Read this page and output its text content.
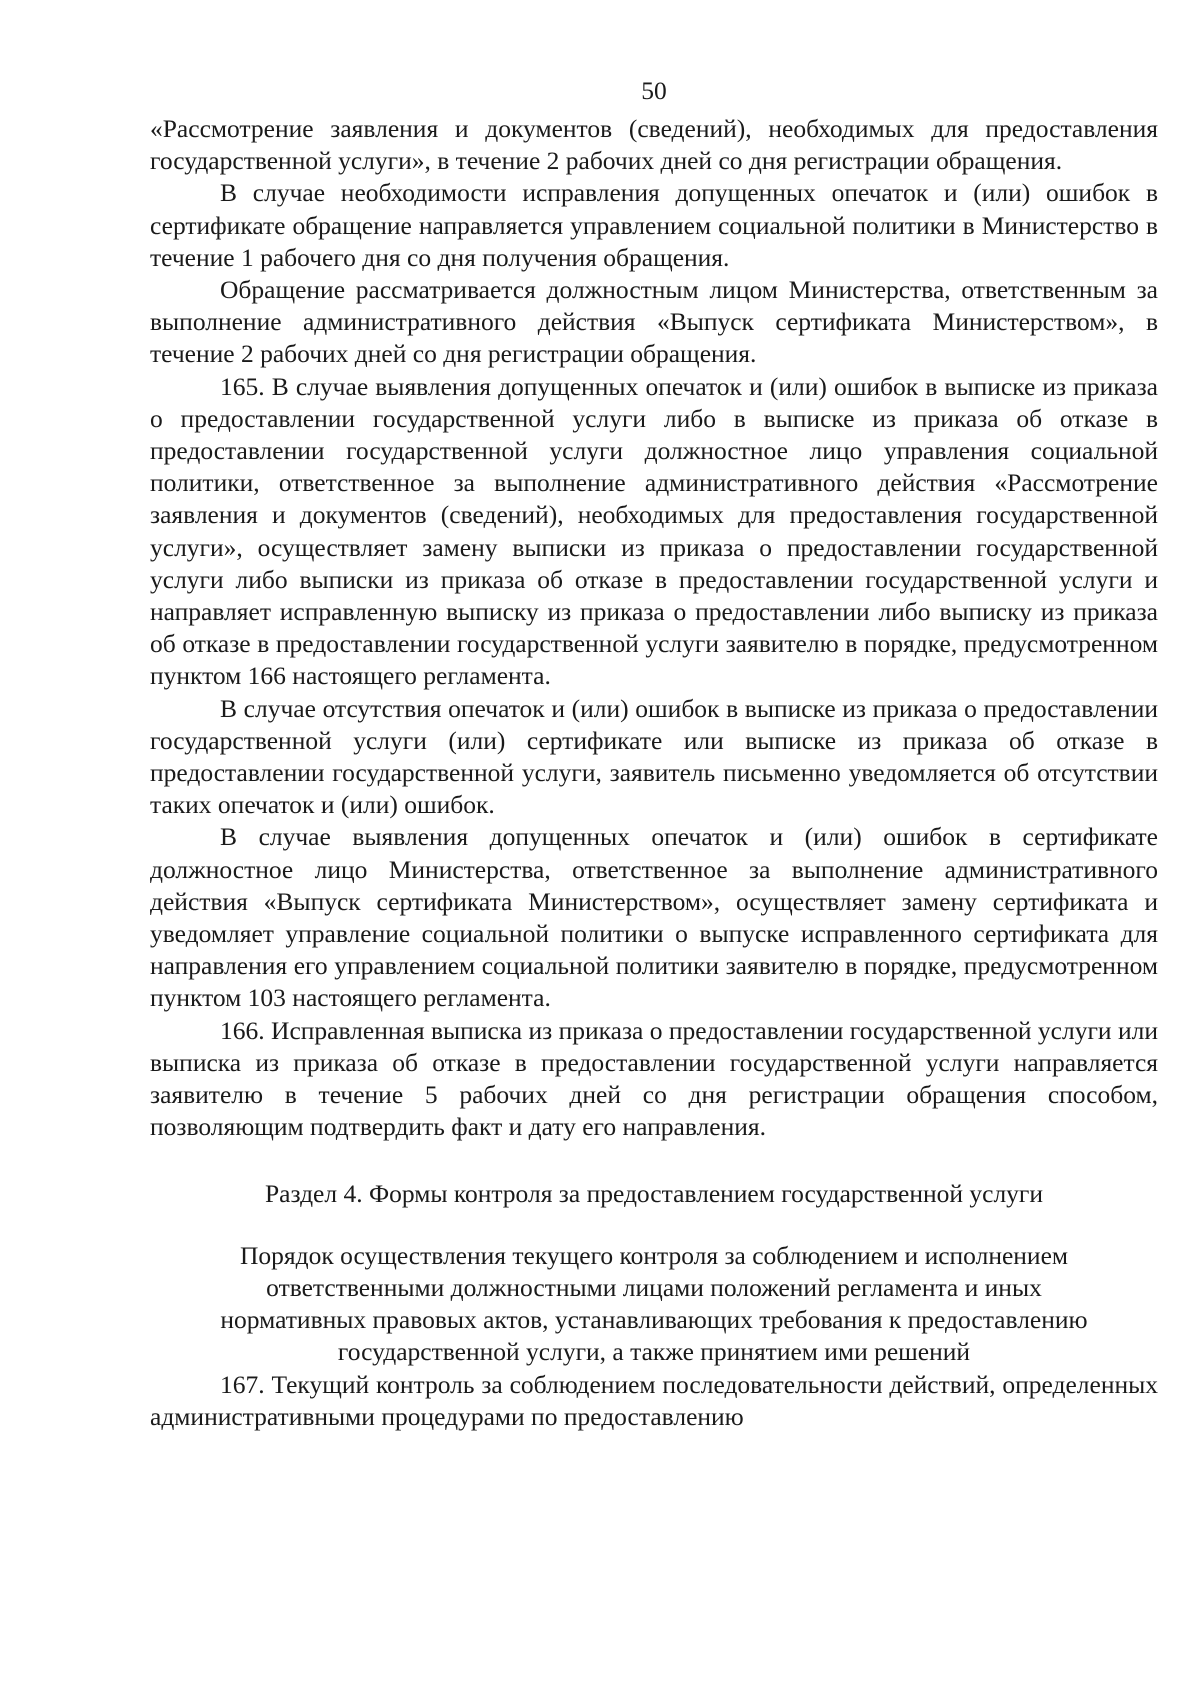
50

«Рассмотрение заявления и документов (сведений), необходимых для предоставления государственной услуги», в течение 2 рабочих дней со дня регистрации обращения.

В случае необходимости исправления допущенных опечаток и (или) ошибок в сертификате обращение направляется управлением социальной политики в Министерство в течение 1 рабочего дня со дня получения обращения.

Обращение рассматривается должностным лицом Министерства, ответственным за выполнение административного действия «Выпуск сертификата Министерством», в течение 2 рабочих дней со дня регистрации обращения.

165. В случае выявления допущенных опечаток и (или) ошибок в выписке из приказа о предоставлении государственной услуги либо в выписке из приказа об отказе в предоставлении государственной услуги должностное лицо управления социальной политики, ответственное за выполнение административного действия «Рассмотрение заявления и документов (сведений), необходимых для предоставления государственной услуги», осуществляет замену выписки из приказа о предоставлении государственной услуги либо выписки из приказа об отказе в предоставлении государственной услуги и направляет исправленную выписку из приказа о предоставлении либо выписку из приказа об отказе в предоставлении государственной услуги заявителю в порядке, предусмотренном пунктом 166 настоящего регламента.

В случае отсутствия опечаток и (или) ошибок в выписке из приказа о предоставлении государственной услуги (или) сертификате или выписке из приказа об отказе в предоставлении государственной услуги, заявитель письменно уведомляется об отсутствии таких опечаток и (или) ошибок.

В случае выявления допущенных опечаток и (или) ошибок в сертификате должностное лицо Министерства, ответственное за выполнение административного действия «Выпуск сертификата Министерством», осуществляет замену сертификата и уведомляет управление социальной политики о выпуске исправленного сертификата для направления его управлением социальной политики заявителю в порядке, предусмотренном пунктом 103 настоящего регламента.

166. Исправленная выписка из приказа о предоставлении государственной услуги или выписка из приказа об отказе в предоставлении государственной услуги направляется заявителю в течение 5 рабочих дней со дня регистрации обращения способом, позволяющим подтвердить факт и дату его направления.

Раздел 4. Формы контроля за предоставлением государственной услуги
Порядок осуществления текущего контроля за соблюдением и исполнением
ответственными должностными лицами положений регламента и иных
нормативных правовых актов, устанавливающих требования к предоставлению
государственной услуги, а также принятием ими решений

167. Текущий контроль за соблюдением последовательности действий, определенных административными процедурами по предоставлению
